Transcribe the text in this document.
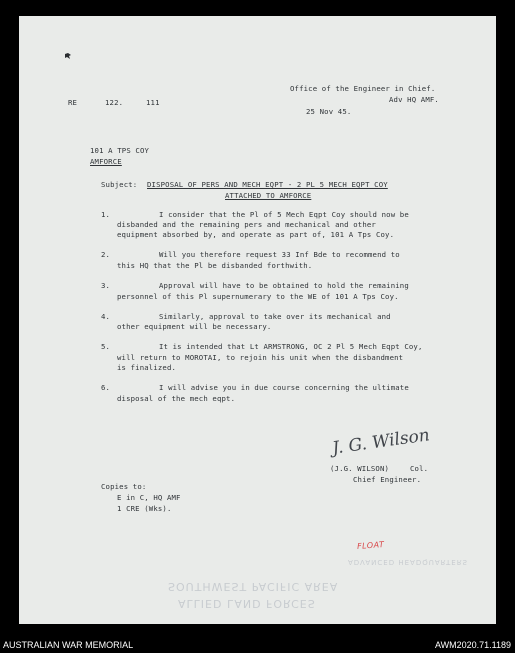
Office of the Engineer in Chief.
Adv HQ AMF.
RE	122.	111
25 Nov 45.
101 A TPS COY
AMFORCE
Subject: DISPOSAL OF PERS AND MECH EQPT - 2 PL 5 MECH EQPT COY
ATTACHED TO AMFORCE
1.	I consider that the Pl of 5 Mech Eqpt Coy should now be
disbanded and the remaining pers and mechanical and other
equipment absorbed by, and operate as part of, 101 A Tps Coy.
2.	Will you therefore request 33 Inf Bde to recommend to
this HQ that the Pl be disbanded forthwith.
3.	Approval will have to be obtained to hold the remaining
personnel of this Pl supernumerary to the WE of 101 A Tps Coy.
4.	Similarly, approval to take over its mechanical and
other equipment will be necessary.
5.	It is intended that Lt ARMSTRONG, OC 2 Pl 5 Mech Eqpt Coy,
will return to MOROTAI, to rejoin his unit when the disbandment
is finalized.
6.	I will advise you in due course concerning the ultimate
disposal of the mech eqpt.
J. G. Wilson
(J.G. WILSON)	Col.
Chief Engineer.
Copies to:
E in C, HQ AMF
1 CRE (Wks).
FLOAT
ADVANCED HEADQUARTERS
SOUTHWEST PACIFIC AREA
ALLIED LAND FORCES
AUSTRALIAN WAR MEMORIAL	AWM2020.71.1189
